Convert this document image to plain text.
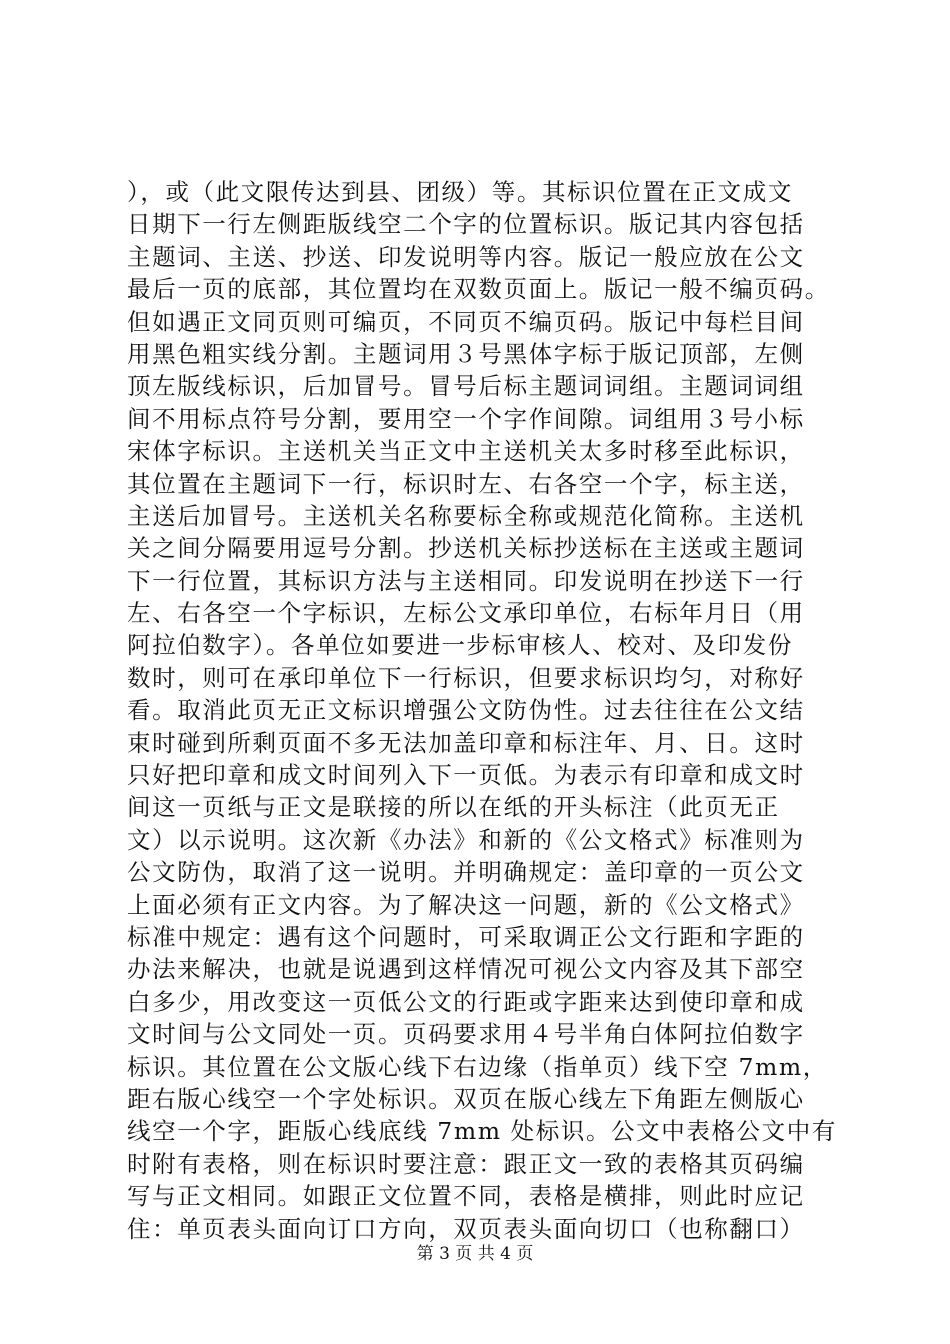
），或（此文限传达到县、团级）等。其标识位置在正文成文
日期下一行左侧距版线空二个字的位置标识。版记其内容包括
主题词、主送、抄送、印发说明等内容。版记一般应放在公文
最后一页的底部，其位置均在双数页面上。版记一般不编页码。
但如遇正文同页则可编页，不同页不编页码。版记中每栏目间
用黑色粗实线分割。主题词用３号黑体字标于版记顶部，左侧
顶左版线标识，后加冒号。冒号后标主题词词组。主题词词组
间不用标点符号分割，要用空一个字作间隙。词组用３号小标
宋体字标识。主送机关当正文中主送机关太多时移至此标识，
其位置在主题词下一行，标识时左、右各空一个字，标主送，
主送后加冒号。主送机关名称要标全称或规范化简称。主送机
关之间分隔要用逗号分割。抄送机关标抄送标在主送或主题词
下一行位置，其标识方法与主送相同。印发说明在抄送下一行
左、右各空一个字标识，左标公文承印单位，右标年月日（用
阿拉伯数字）。各单位如要进一步标审核人、校对、及印发份
数时，则可在承印单位下一行标识，但要求标识均匀，对称好
看。取消此页无正文标识增强公文防伪性。过去往往在公文结
束时碰到所剩页面不多无法加盖印章和标注年、月、日。这时
只好把印章和成文时间列入下一页低。为表示有印章和成文时
间这一页纸与正文是联接的所以在纸的开头标注（此页无正
文）以示说明。这次新《办法》和新的《公文格式》标准则为
公文防伪，取消了这一说明。并明确规定：盖印章的一页公文
上面必须有正文内容。为了解决这一问题，新的《公文格式》
标准中规定：遇有这个问题时，可采取调正公文行距和字距的
办法来解决，也就是说遇到这样情况可视公文内容及其下部空
白多少，用改变这一页低公文的行距或字距来达到使印章和成
文时间与公文同处一页。页码要求用４号半角白体阿拉伯数字
标识。其位置在公文版心线下右边缘（指单页）线下空 7mm，
距右版心线空一个字处标识。双页在版心线左下角距左侧版心
线空一个字，距版心线底线 7mm 处标识。公文中表格公文中有
时附有表格，则在标识时要注意：跟正文一致的表格其页码编
写与正文相同。如跟正文位置不同，表格是横排，则此时应记
住：单页表头面向订口方向，双页表头面向切口（也称翻口）
第 3 页 共 4 页
